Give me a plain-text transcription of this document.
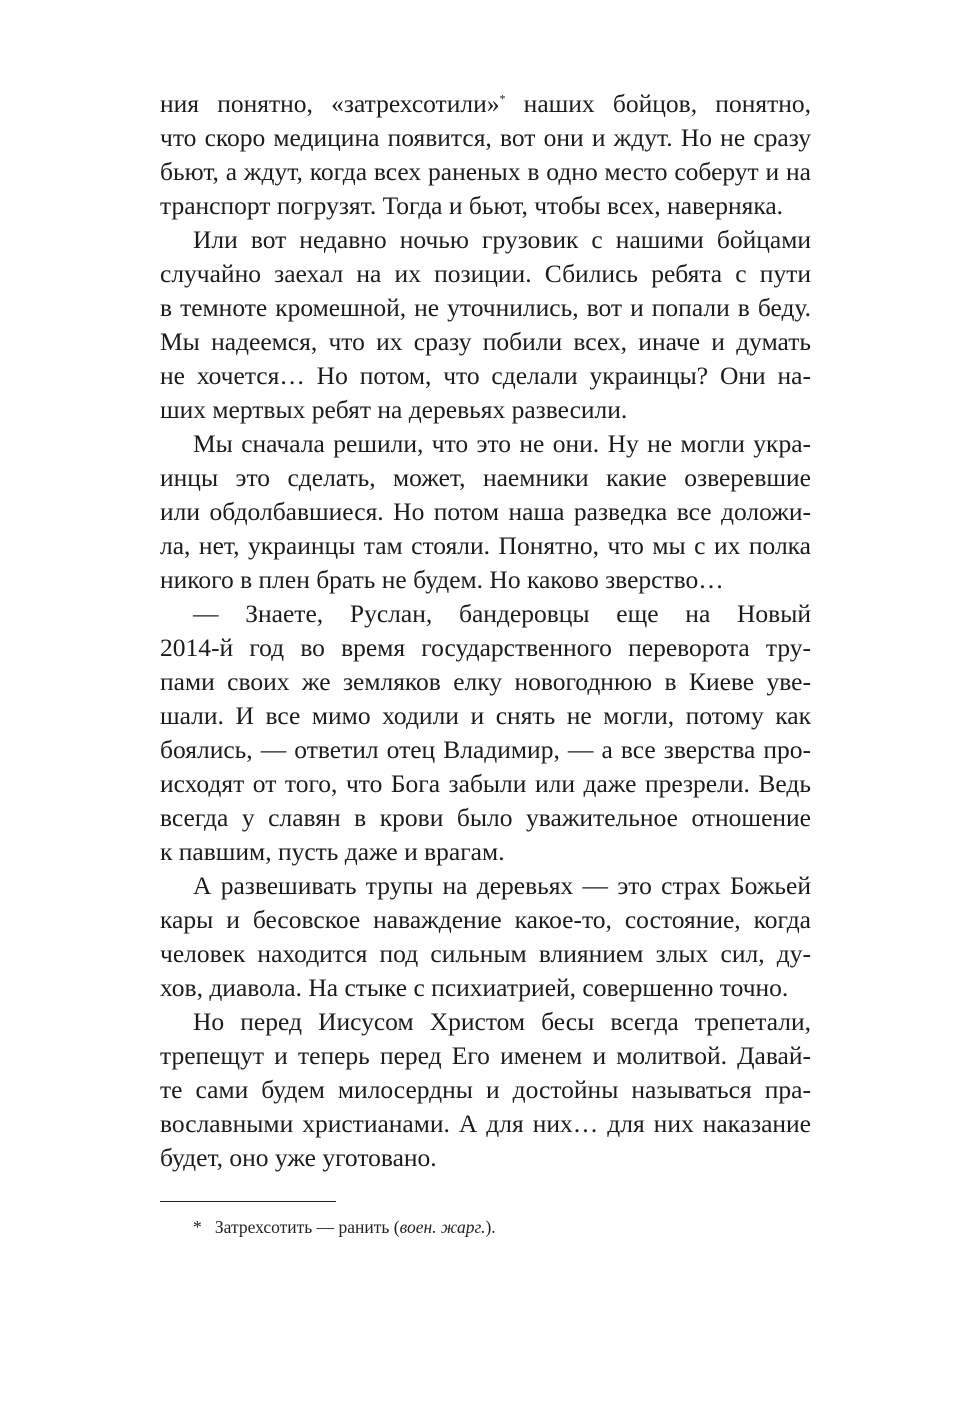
ния понятно, «затрехсотили»* наших бойцов, понятно,
что скоро медицина появится, вот они и ждут. Но не сразу
бьют, а ждут, когда всех раненых в одно место соберут и на
транспорт погрузят. Тогда и бьют, чтобы всех, наверняка.

Или вот недавно ночью грузовик с нашими бойцами
случайно заехал на их позиции. Сбились ребята с пути
в темноте кромешной, не уточнились, вот и попали в беду.
Мы надеемся, что их сразу побили всех, иначе и думать
не хочется… Но потом, что сделали украинцы? Они на-
ших мертвых ребят на деревьях развесили.

Мы сначала решили, что это не они. Ну не могли укра-
инцы это сделать, может, наемники какие озверевшие
или обдолбавшиеся. Но потом наша разведка все доложи-
ла, нет, украинцы там стояли. Понятно, что мы с их полка
никого в плен брать не будем. Но каково зверство…

— Знаете, Руслан, бандеровцы еще на Новый
2014-й год во время государственного переворота тру-
пами своих же земляков елку новогоднюю в Киеве уве-
шали. И все мимо ходили и снять не могли, потому как
боялись, — ответил отец Владимир, — а все зверства про-
исходят от того, что Бога забыли или даже презрели. Ведь
всегда у славян в крови было уважительное отношение
к павшим, пусть даже и врагам.

А развешивать трупы на деревьях — это страх Божьей
кары и бесовское наваждение какое-то, состояние, когда
человек находится под сильным влиянием злых сил, ду-
хов, диавола. На стыке с психиатрией, совершенно точно.

Но перед Иисусом Христом бесы всегда трепетали,
трепещут и теперь перед Его именем и молитвой. Давай-
те сами будем милосердны и достойны называться пра-
вославными христианами. А для них… для них наказание
будет, оно уже уготовано.

* Затрехсотить — ранить (воен. жарг.).
